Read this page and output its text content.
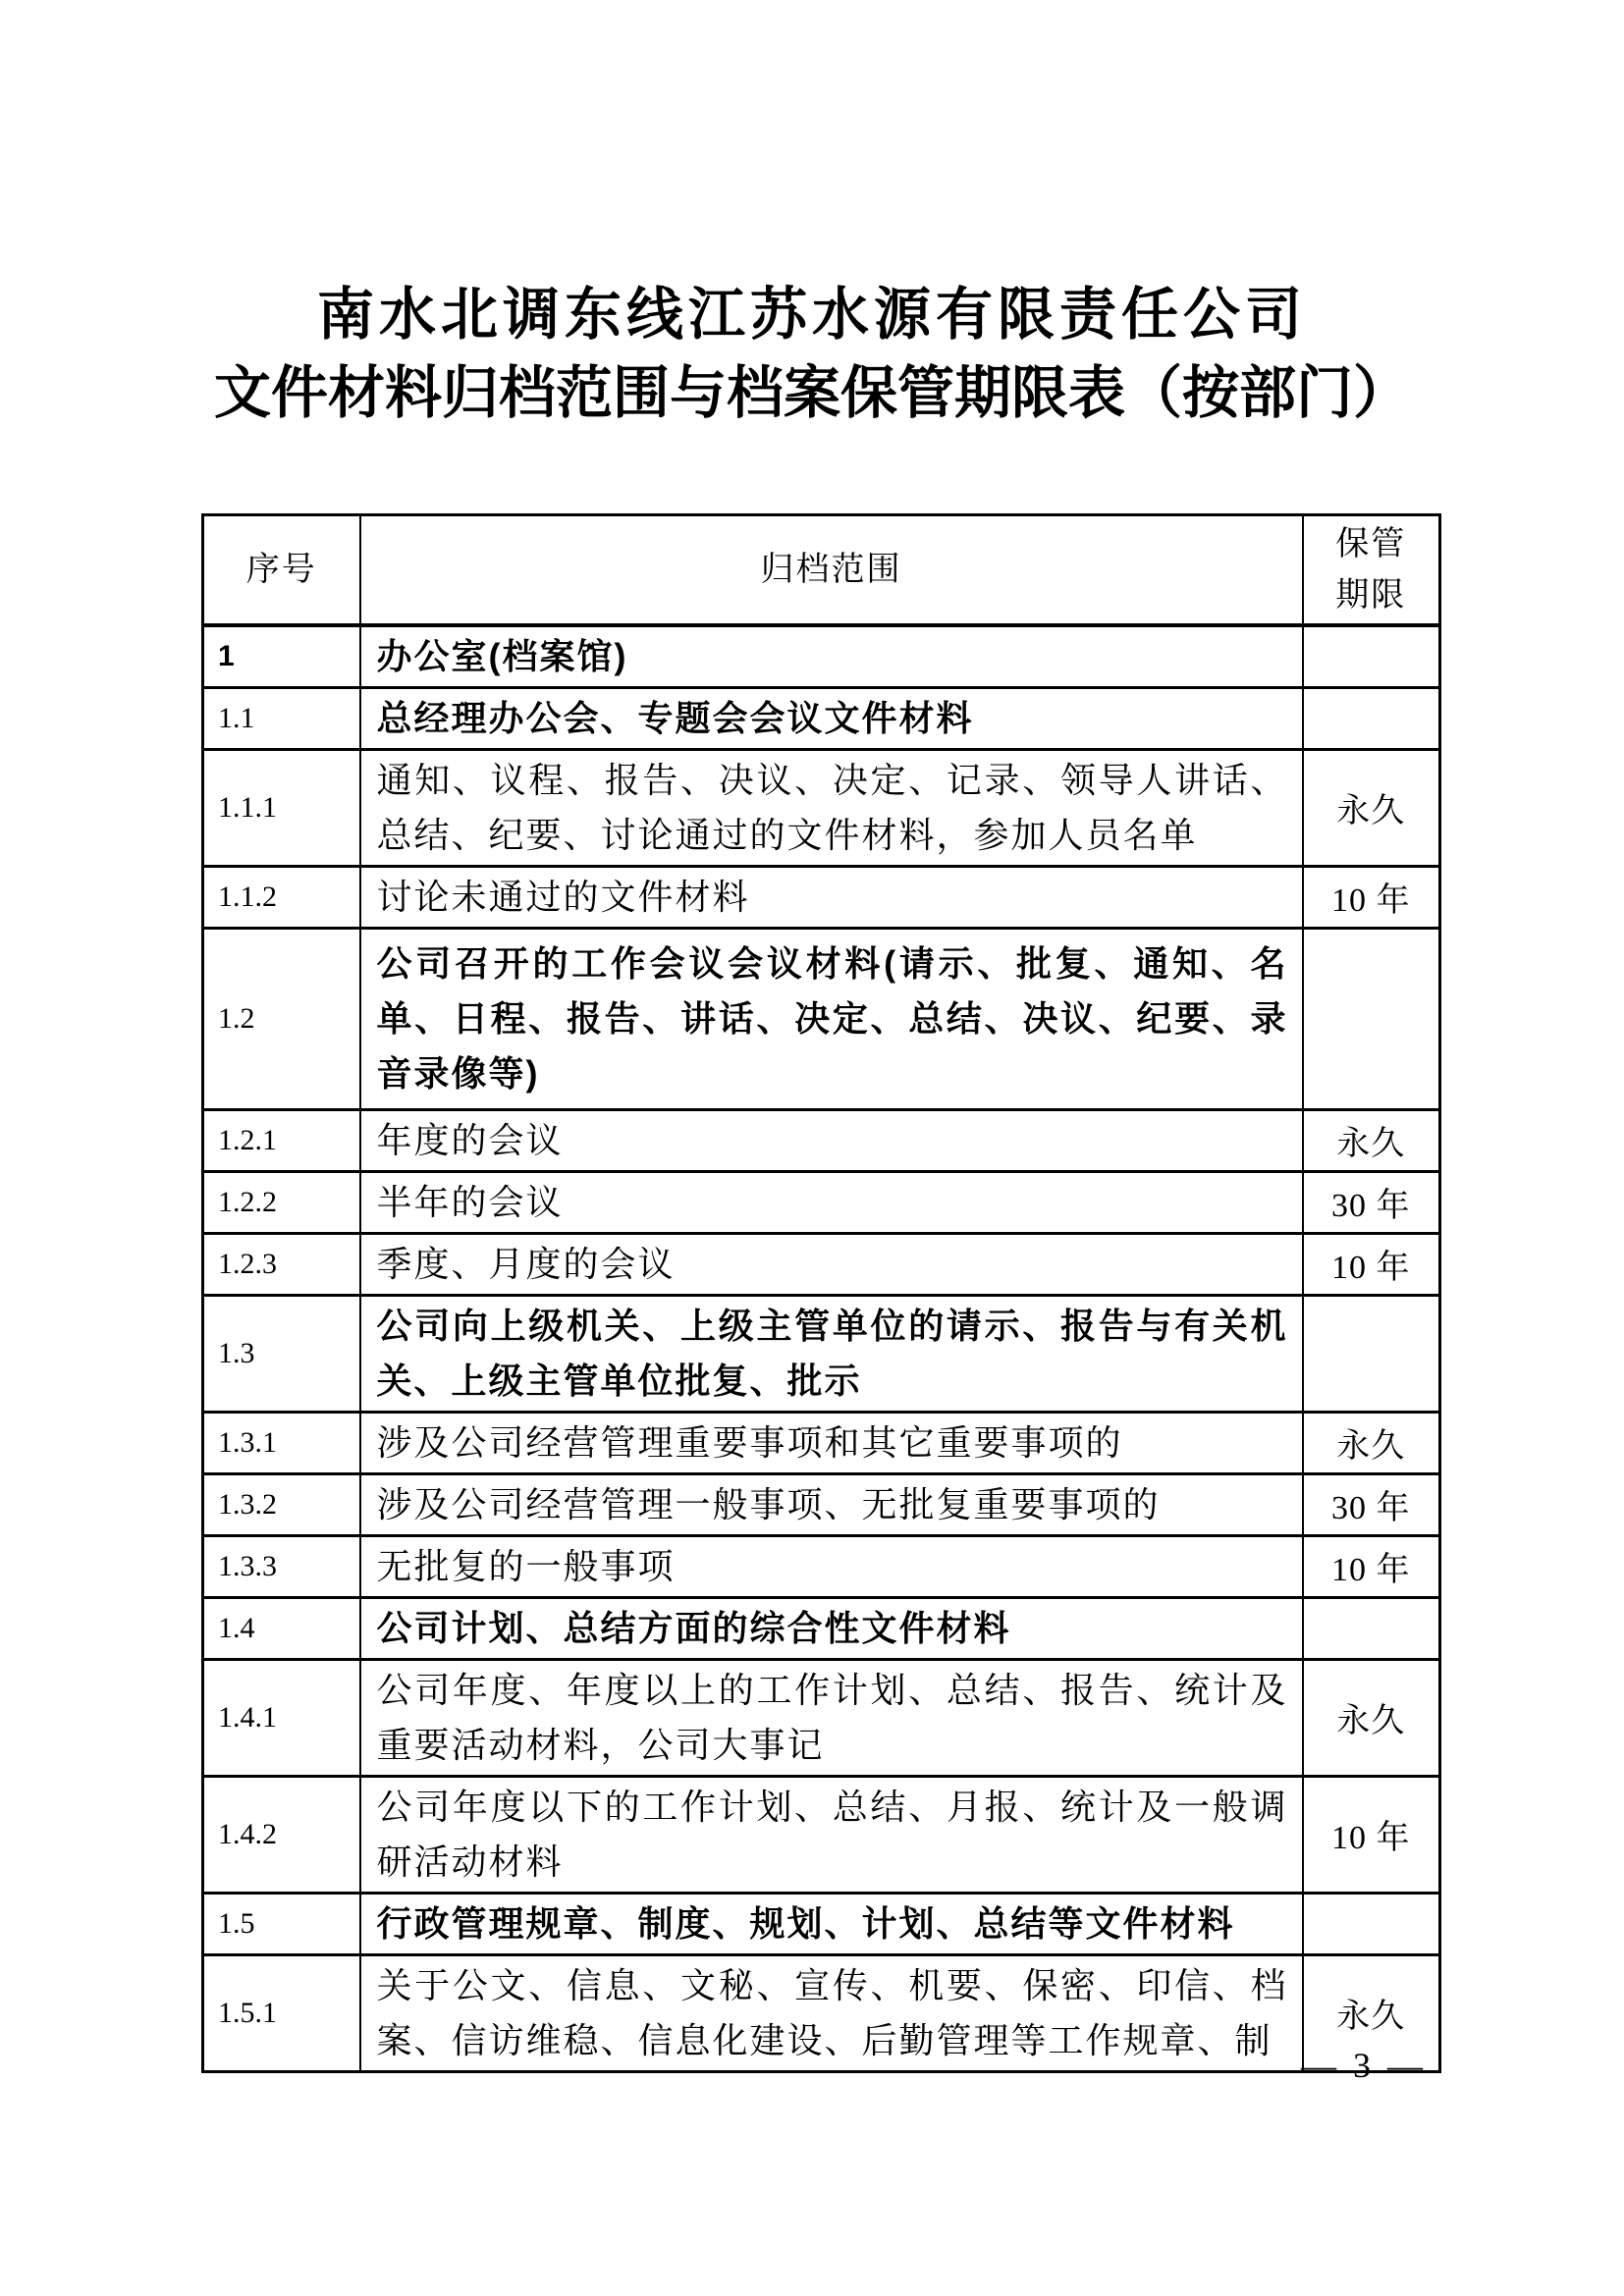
南水北调东线江苏水源有限责任公司
文件材料归档范围与档案保管期限表（按部门）
序号	归档范围	保管期限
1	办公室(档案馆)	
1.1	总经理办公会、专题会会议文件材料	
1.1.1	通知、议程、报告、决议、决定、记录、领导人讲话、总结、纪要、讨论通过的文件材料，参加人员名单	永久
1.1.2	讨论未通过的文件材料	10 年
1.2	公司召开的工作会议会议材料(请示、批复、通知、名单、日程、报告、讲话、决定、总结、决议、纪要、录音录像等)	
1.2.1	年度的会议	永久
1.2.2	半年的会议	30 年
1.2.3	季度、月度的会议	10 年
1.3	公司向上级机关、上级主管单位的请示、报告与有关机关、上级主管单位批复、批示	
1.3.1	涉及公司经营管理重要事项和其它重要事项的	永久
1.3.2	涉及公司经营管理一般事项、无批复重要事项的	30 年
1.3.3	无批复的一般事项	10 年
1.4	公司计划、总结方面的综合性文件材料	
1.4.1	公司年度、年度以上的工作计划、总结、报告、统计及重要活动材料，公司大事记	永久
1.4.2	公司年度以下的工作计划、总结、月报、统计及一般调研活动材料	10 年
1.5	行政管理规章、制度、规划、计划、总结等文件材料	
1.5.1	关于公文、信息、文秘、宣传、机要、保密、印信、档案、信访维稳、信息化建设、后勤管理等工作规章、制	永久
— 3 —
